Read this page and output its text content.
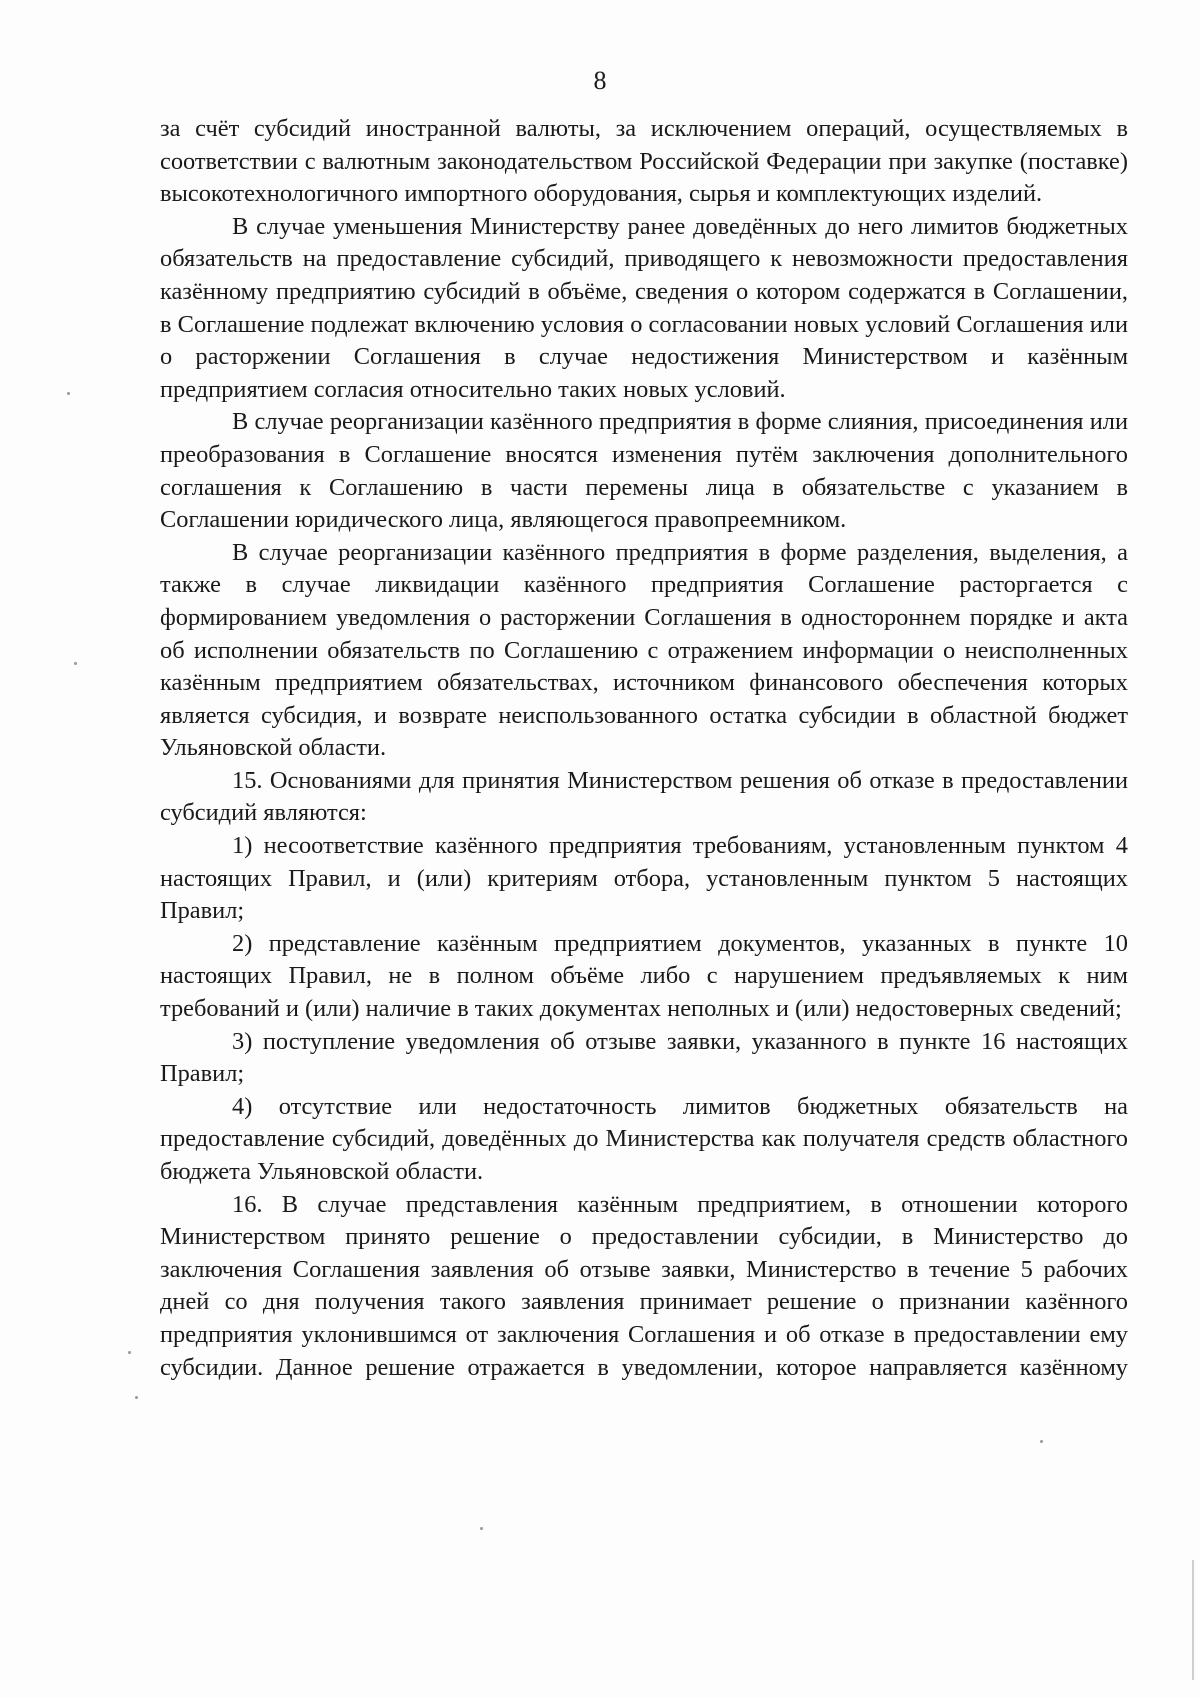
8

за счёт субсидий иностранной валюты, за исключением операций, осуществляемых в соответствии с валютным законодательством Российской Федерации при закупке (поставке) высокотехнологичного импортного оборудования, сырья и комплектующих изделий.

В случае уменьшения Министерству ранее доведённых до него лимитов бюджетных обязательств на предоставление субсидий, приводящего к невозможности предоставления казённому предприятию субсидий в объёме, сведения о котором содержатся в Соглашении, в Соглашение подлежат включению условия о согласовании новых условий Соглашения или о расторжении Соглашения в случае недостижения Министерством и казённым предприятием согласия относительно таких новых условий.

В случае реорганизации казённого предприятия в форме слияния, присоединения или преобразования в Соглашение вносятся изменения путём заключения дополнительного соглашения к Соглашению в части перемены лица в обязательстве с указанием в Соглашении юридического лица, являющегося правопреемником.

В случае реорганизации казённого предприятия в форме разделения, выделения, а также в случае ликвидации казённого предприятия Соглашение расторгается с формированием уведомления о расторжении Соглашения в одностороннем порядке и акта об исполнении обязательств по Соглашению с отражением информации о неисполненных казённым предприятием обязательствах, источником финансового обеспечения которых является субсидия, и возврате неиспользованного остатка субсидии в областной бюджет Ульяновской области.

15. Основаниями для принятия Министерством решения об отказе в предоставлении субсидий являются:

1) несоответствие казённого предприятия требованиям, установленным пунктом 4 настоящих Правил, и (или) критериям отбора, установленным пунктом 5 настоящих Правил;

2) представление казённым предприятием документов, указанных в пункте 10 настоящих Правил, не в полном объёме либо с нарушением предъявляемых к ним требований и (или) наличие в таких документах неполных и (или) недостоверных сведений;

3) поступление уведомления об отзыве заявки, указанного в пункте 16 настоящих Правил;

4) отсутствие или недостаточность лимитов бюджетных обязательств на предоставление субсидий, доведённых до Министерства как получателя средств областного бюджета Ульяновской области.

16. В случае представления казённым предприятием, в отношении которого Министерством принято решение о предоставлении субсидии, в Министерство до заключения Соглашения заявления об отзыве заявки, Министерство в течение 5 рабочих дней со дня получения такого заявления принимает решение о признании казённого предприятия уклонившимся от заключения Соглашения и об отказе в предоставлении ему субсидии. Данное решение отражается в уведомлении, которое направляется казённому
